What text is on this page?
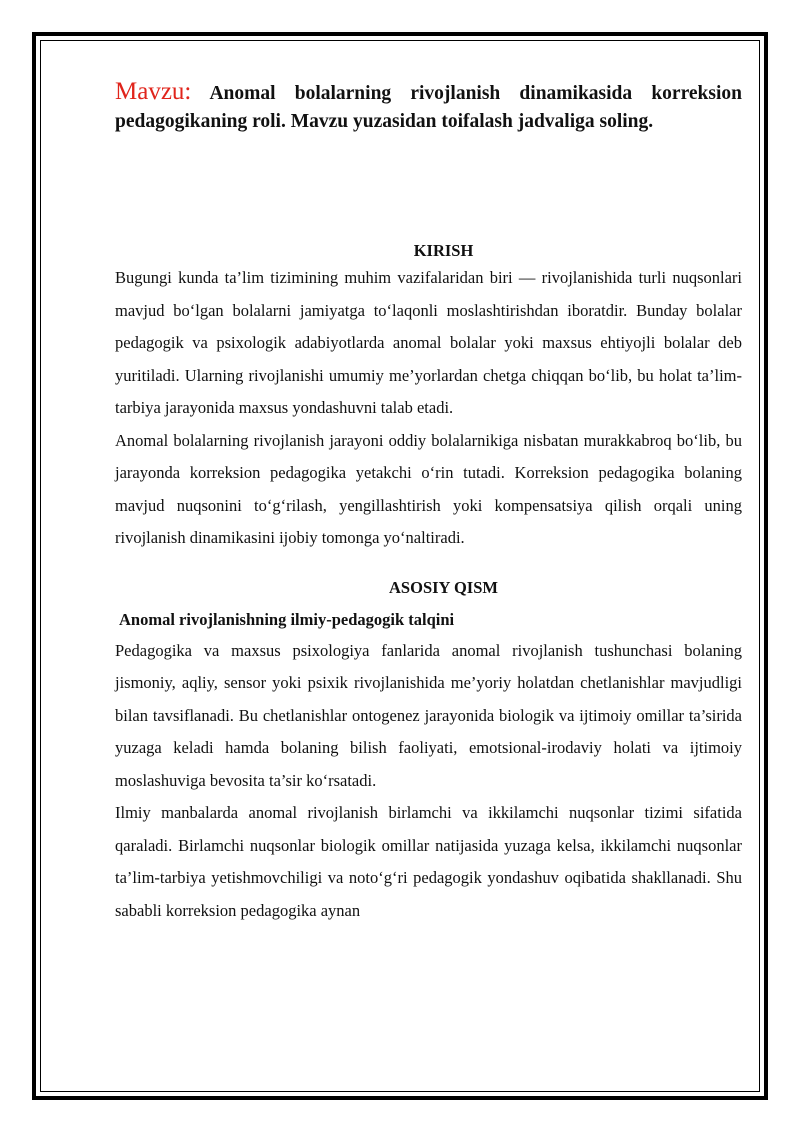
Mavzu: Anomal bolalarning rivojlanish dinamikasida korreksion pedagogikaning roli. Mavzu yuzasidan toifalash jadvaliga soling.

KIRISH

Bugungi kunda ta’lim tizimining muhim vazifalaridan biri — rivojlanishida turli nuqsonlari mavjud bo‘lgan bolalarni jamiyatga to‘laqonli moslashtirishdan iboratdir. Bunday bolalar pedagogik va psixologik adabiyotlarda anomal bolalar yoki maxsus ehtiyojli bolalar deb yuritiladi. Ularning rivojlanishi umumiy me’yorlardan chetga chiqqan bo‘lib, bu holat ta’lim-tarbiya jarayonida maxsus yondashuvni talab etadi.

Anomal bolalarning rivojlanish jarayoni oddiy bolalarnikiga nisbatan murakkabroq bo‘lib, bu jarayonda korreksion pedagogika yetakchi o‘rin tutadi. Korreksion pedagogika bolaning mavjud nuqsonini to‘g‘rilash, yengillashtirish yoki kompensatsiya qilish orqali uning rivojlanish dinamikasini ijobiy tomonga yo‘naltiradi.

ASOSIY QISM
Anomal rivojlanishning ilmiy-pedagogik talqini

Pedagogika va maxsus psixologiya fanlarida anomal rivojlanish tushunchasi bolaning jismoniy, aqliy, sensor yoki psixik rivojlanishida me’yoriy holatdan chetlanishlar mavjudligi bilan tavsiflanadi. Bu chetlanishlar ontogenez jarayonida biologik va ijtimoiy omillar ta’sirida yuzaga keladi hamda bolaning bilish faoliyati, emotsional-irodaviy holati va ijtimoiy moslashuviga bevosita ta’sir ko‘rsatadi.

Ilmiy manbalarda anomal rivojlanish birlamchi va ikkilamchi nuqsonlar tizimi sifatida qaraladi. Birlamchi nuqsonlar biologik omillar natijasida yuzaga kelsa, ikkilamchi nuqsonlar ta’lim-tarbiya yetishmovchiligi va noto‘g‘ri pedagogik yondashuv oqibatida shakllanadi. Shu sababli korreksion pedagogika aynan
